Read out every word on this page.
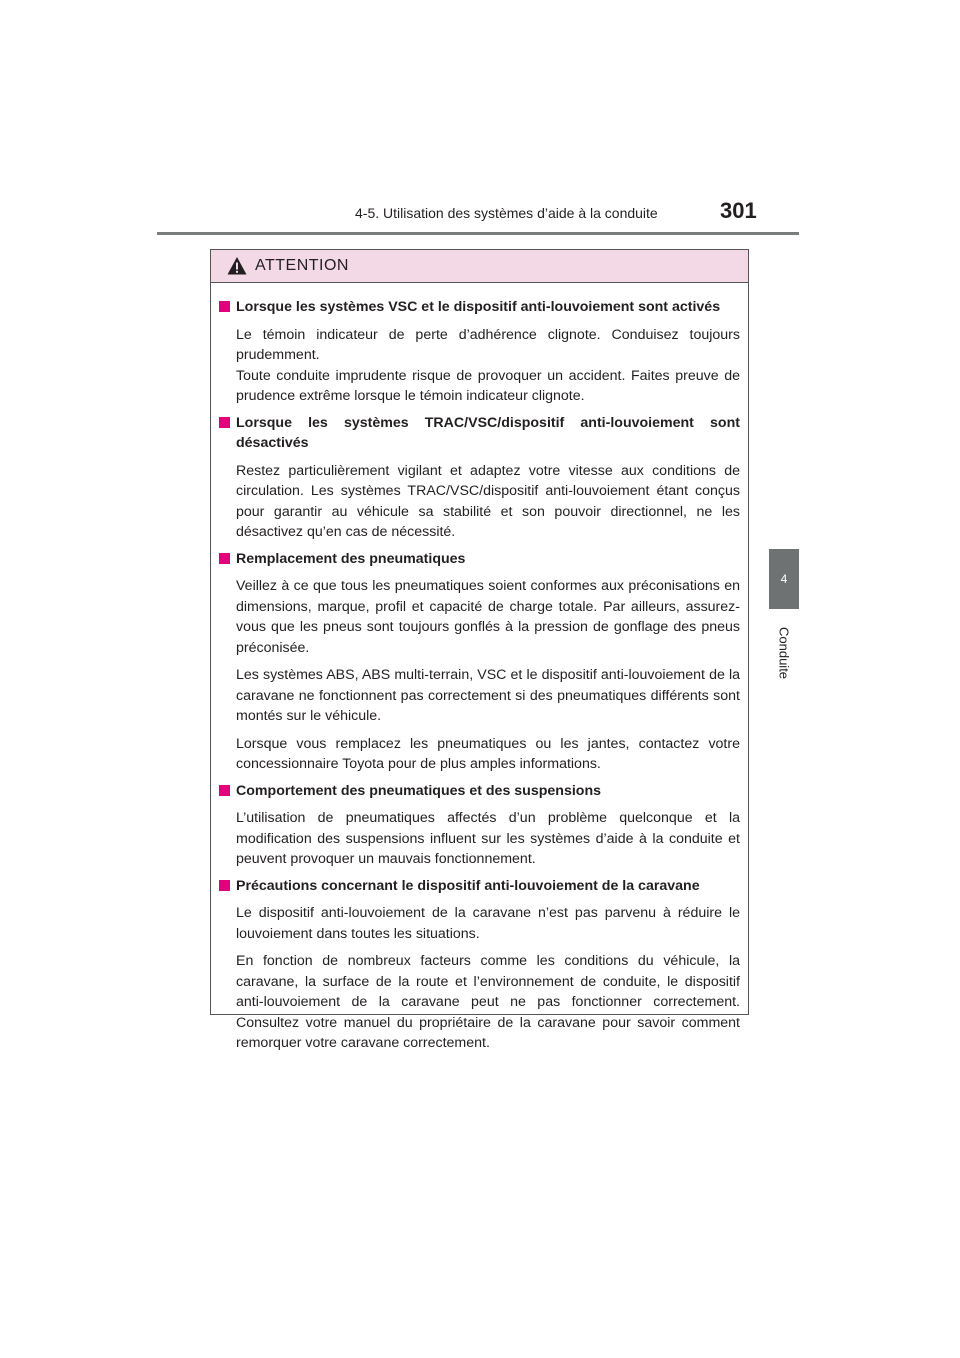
4-5. Utilisation des systèmes d’aide à la conduite	301
4
Conduite
ATTENTION
Lorsque les systèmes VSC et le dispositif anti-louvoiement sont activés

Le témoin indicateur de perte d’adhérence clignote. Conduisez toujours prudemment.
Toute conduite imprudente risque de provoquer un accident. Faites preuve de prudence extrême lorsque le témoin indicateur clignote.

Lorsque les systèmes TRAC/VSC/dispositif anti-louvoiement sont désactivés

Restez particulièrement vigilant et adaptez votre vitesse aux conditions de circulation. Les systèmes TRAC/VSC/dispositif anti-louvoiement étant conçus pour garantir au véhicule sa stabilité et son pouvoir directionnel, ne les désactivez qu’en cas de nécessité.

Remplacement des pneumatiques

Veillez à ce que tous les pneumatiques soient conformes aux préconisations en dimensions, marque, profil et capacité de charge totale. Par ailleurs, assurez-vous que les pneus sont toujours gonflés à la pression de gonflage des pneus préconisée.

Les systèmes ABS, ABS multi-terrain, VSC et le dispositif anti-louvoiement de la caravane ne fonctionnent pas correctement si des pneumatiques différents sont montés sur le véhicule.

Lorsque vous remplacez les pneumatiques ou les jantes, contactez votre concessionnaire Toyota pour de plus amples informations.

Comportement des pneumatiques et des suspensions

L’utilisation de pneumatiques affectés d’un problème quelconque et la modification des suspensions influent sur les systèmes d’aide à la conduite et peuvent provoquer un mauvais fonctionnement.

Précautions concernant le dispositif anti-louvoiement de la caravane

Le dispositif anti-louvoiement de la caravane n’est pas parvenu à réduire le louvoiement dans toutes les situations.

En fonction de nombreux facteurs comme les conditions du véhicule, la caravane, la surface de la route et l’environnement de conduite, le dispositif anti-louvoiement de la caravane peut ne pas fonctionner correctement. Consultez votre manuel du propriétaire de la caravane pour savoir comment remorquer votre caravane correctement.
